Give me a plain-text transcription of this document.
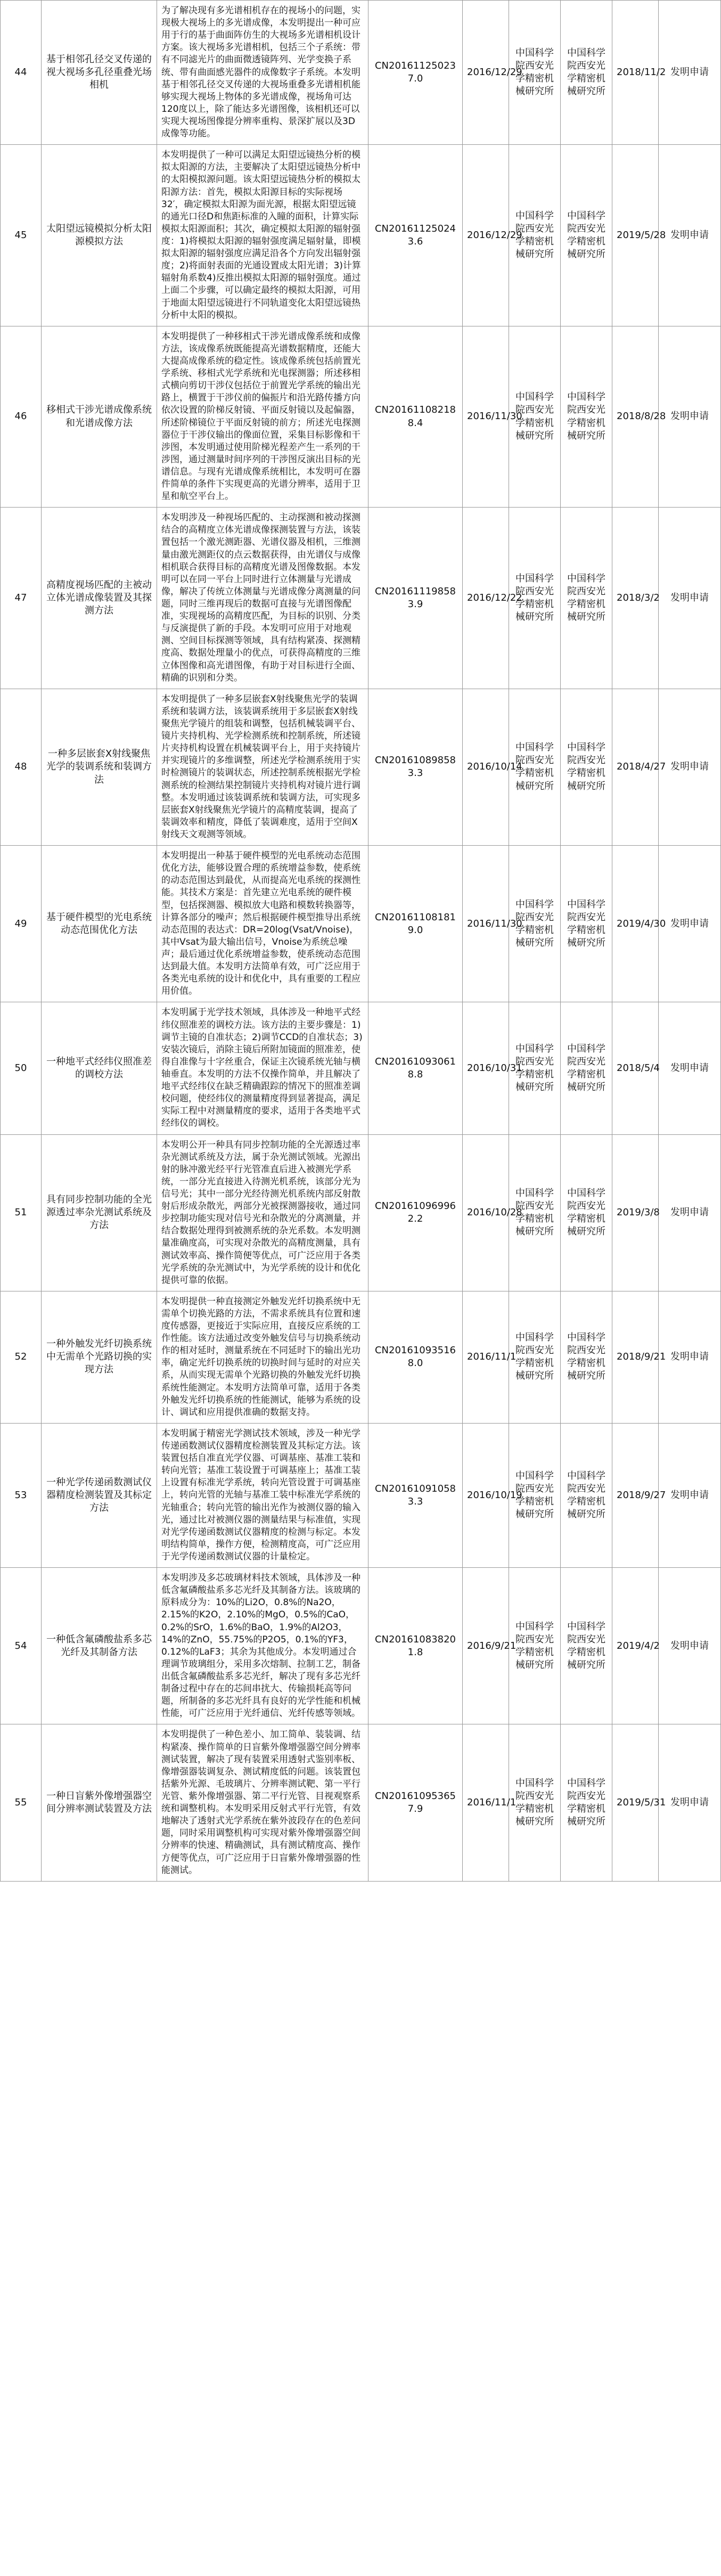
44	基于相邻孔径交叉传递的视大视场多孔径重叠光场相机	为了解决现有多光谱相机存在的视场小的问题，实现极大视场上的多光谱成像，本发明提出一种可应用于行的基于曲面阵仿生的大视场多光谱相机设计方案。该大视场多光谱相机，包括三个子系统：带有不同滤光片的曲面微透镜阵列、光学变换子系统、带有曲面感光器件的成像数字子系统。本发明基于相邻孔径交叉传递的大视场重叠多光谱相机能够实现大视场上物体的多光谱成像，视场角可达120度以上，除了能达多光谱图像，该相机还可以实现大视场图像提分辨率重构、景深扩展以及3D成像等功能。	CN201611250237.0	2016/12/29	中国科学院西安光学精密机械研究所	中国科学院西安光学精密机械研究所	2018/11/2	发明申请
45	太阳望远镜模拟分析太阳源模拟方法	本发明提供了一种可以满足太阳望远镜热分析的模拟太阳源的方法，主要解决了太阳望远镜热分析中的太阳模拟源问题。该太阳望远镜热分析的模拟太阳源方法：首先，模拟太阳源目标的实际视场32′，确定模拟太阳源为面光源，根据太阳望远镜的通光口径D和焦距标准的入瞳的面积，计算实际模拟太阳源面积；其次，确定模拟太阳源的辐射强度：1)将模拟太阳源的辐射强度满足辐射量，即模拟太阳源的辐射强度应满足沿各个方向发出辐射强度；2)将面射表面的光通设置成太阳光谱；3)计算辐射角系数4)反推出模拟太阳源的辐射强度。通过上面二个步骤，可以确定最终的模拟太阳源，可用于地面太阳望远镜进行不同轨道变化太阳望远镜热分析中太阳的模拟。	CN201611250243.6	2016/12/29	中国科学院西安光学精密机械研究所	中国科学院西安光学精密机械研究所	2019/5/28	发明申请
46	移相式干涉光谱成像系统和光谱成像方法	本发明提供了一种移相式干涉光谱成像系统和成像方法，该成像系统既能提高光谱数据精度，还能大大提高成像系统的稳定性。该成像系统包括前置光学系统、移相式光学系统和光电探测器；所述移相式横向剪切干涉仪包括位于前置光学系统的输出光路上，横置于干涉仪前的偏振片和沿光路传播方向依次设置的阶梯反射镜、平面反射镜以及起偏器，所述阶梯镜位于平面反射镜的前方；所述光电探测器位于干涉仪输出的像面位置，采集目标影像和干涉图，本发明通过使用阶梯光程差产生一系列的干涉图，通过测量时间序列的干涉图反演出目标的光谱信息。与现有光谱成像系统相比，本发明可在器件简单的条件下实现更高的光谱分辨率，适用于卫星和航空平台上。	CN201611082188.4	2016/11/30	中国科学院西安光学精密机械研究所	中国科学院西安光学精密机械研究所	2018/8/28	发明申请
47	高精度视场匹配的主被动立体光谱成像装置及其探测方法	本发明涉及一种视场匹配的、主动探测和被动探测结合的高精度立体光谱成像探测装置与方法，该装置包括一个激光测距器、光谱仪器及相机，三维测量由激光测距仪的点云数据获得，由光谱仪与成像相机联合获得目标的高精度光谱及图像数据。本发明可以在同一平台上同时进行立体测量与光谱成像，解决了传统立体测量与光谱成像分离测量的问题，同时三维再现后的数据可直接与光谱图像配准，实现视场的高精度匹配，为目标的识别、分类与反演提供了新的手段。本发明可应用于对地观测、空间目标探测等领域，具有结构紧凑、探测精度高、数据处理量小的优点，可获得高精度的三维立体图像和高光谱图像，有助于对目标进行全面、精确的识别和分类。	CN201611198583.9	2016/12/22	中国科学院西安光学精密机械研究所	中国科学院西安光学精密机械研究所	2018/3/2	发明申请
48	一种多层嵌套X射线聚焦光学的装调系统和装调方法	本发明提供了一种多层嵌套X射线聚焦光学的装调系统和装调方法，该装调系统用于多层嵌套X射线聚焦光学镜片的组装和调整，包括机械装调平台、镜片夹持机构、光学检测系统和控制系统，所述镜片夹持机构设置在机械装调平台上，用于夹持镜片并实现镜片的多维调整，所述光学检测系统用于实时检测镜片的装调状态，所述控制系统根据光学检测系统的检测结果控制镜片夹持机构对镜片进行调整。本发明通过该装调系统和装调方法，可实现多层嵌套X射线聚焦光学镜片的高精度装调，提高了装调效率和精度，降低了装调难度，适用于空间X射线天文观测等领域。	CN201610898583.3	2016/10/14	中国科学院西安光学精密机械研究所	中国科学院西安光学精密机械研究所	2018/4/27	发明申请
49	基于硬件模型的光电系统动态范围优化方法	本发明提出一种基于硬件模型的光电系统动态范围优化方法，能够设置合理的系统增益参数，使系统的动态范围达到最优，从而提高光电系统的探测性能。其技术方案是：首先建立光电系统的硬件模型，包括探测器、模拟放大电路和模数转换器等，计算各部分的噪声；然后根据硬件模型推导出系统动态范围的表达式：DR=20log(Vsat/Vnoise)，其中Vsat为最大输出信号，Vnoise为系统总噪声；最后通过优化系统增益参数，使系统动态范围达到最大值。本发明方法简单有效，可广泛应用于各类光电系统的设计和优化中，具有重要的工程应用价值。	CN201611081819.0	2016/11/30	中国科学院西安光学精密机械研究所	中国科学院西安光学精密机械研究所	2019/4/30	发明申请
50	一种地平式经纬仪照准差的调校方法	本发明属于光学技术领域，具体涉及一种地平式经纬仪照准差的调校方法。该方法的主要步骤是：1)调节主镜的自准状态；2)调节CCD的自准状态；3)安装次镜后，消除主镜后所附加镜面的照准差，使得自准像与十字丝重合，保证主次镜系统光轴与横轴垂直。本发明的方法不仅操作简单，并且解决了地平式经纬仪在缺乏精确跟踪的情况下的照准差调校问题，使经纬仪的测量精度得到显著提高，满足实际工程中对测量精度的要求，适用于各类地平式经纬仪的调校。	CN201610930618.8	2016/10/31	中国科学院西安光学精密机械研究所	中国科学院西安光学精密机械研究所	2018/5/4	发明申请
51	具有同步控制功能的全光源透过率杂光测试系统及方法	本发明公开一种具有同步控制功能的全光源透过率杂光测试系统及方法，属于杂光测试领域。光源出射的脉冲激光经平行光管准直后进入被测光学系统，一部分光直接进入待测光机系统，该部分光为信号光；其中一部分光经待测光机系统内部反射散射后形成杂散光，两部分光被探测器接收，通过同步控制功能实现对信号光和杂散光的分离测量，并结合数据处理得到被测系统的杂光系数。本发明测量准确度高，可实现对杂散光的高精度测量，具有测试效率高、操作简便等优点，可广泛应用于各类光学系统的杂光测试中，为光学系统的设计和优化提供可靠的依据。	CN201610969962.2	2016/10/28	中国科学院西安光学精密机械研究所	中国科学院西安光学精密机械研究所	2019/3/8	发明申请
52	一种外触发光纤切换系统中无需单个光路切换的实现方法	本发明提供一种直接测定外触发光纤切换系统中无需单个切换光路的方法，不需求系统具有位置和速度传感器，更接近于实际应用，直接反应系统的工作性能。该方法通过改变外触发信号与切换系统动作的相对延时，测量系统在不同延时下的输出光功率，确定光纤切换系统的切换时间与延时的对应关系，从而实现无需单个光路切换的外触发光纤切换系统性能测定。本发明方法简单可靠，适用于各类外触发光纤切换系统的性能测试，能够为系统的设计、调试和应用提供准确的数据支持。	CN201610935168.0	2016/11/1	中国科学院西安光学精密机械研究所	中国科学院西安光学精密机械研究所	2018/9/21	发明申请
53	一种光学传递函数测试仪器精度检测装置及其标定方法	本发明属于精密光学测试技术领域，涉及一种光学传递函数测试仪器精度检测装置及其标定方法。该装置包括自准直光学仪器、可调基座、基准工装和转向光管；基准工装设置于可调基座上；基准工装上设置有标准光学系统，转向光管设置于可调基座上，转向光管的光轴与基准工装中标准光学系统的光轴重合；转向光管的输出光作为被测仪器的输入光，通过比对被测仪器的测量结果与标准值，实现对光学传递函数测试仪器精度的检测与标定。本发明结构简单，操作方便，检测精度高，可广泛应用于光学传递函数测试仪器的计量检定。	CN201610910583.3	2016/10/19	中国科学院西安光学精密机械研究所	中国科学院西安光学精密机械研究所	2018/9/27	发明申请
54	一种低含氟磷酸盐系多芯光纤及其制备方法	本发明涉及多芯玻璃材料技术领域，具体涉及一种低含氟磷酸盐系多芯光纤及其制备方法。该玻璃的原料成分为：10%的Li2O，0.8%的Na2O，2.15%的K2O，2.10%的MgO，0.5%的CaO，0.2%的SrO，1.6%的BaO，1.9%的Al2O3，14%的ZnO，55.75%的P2O5，0.1%的YF3，0.12%的LaF3；其余为其他成分。本发明通过合理调节玻璃组分，采用多次熔制、拉制工艺，制备出低含氟磷酸盐系多芯光纤，解决了现有多芯光纤制备过程中存在的芯间串扰大、传输损耗高等问题，所制备的多芯光纤具有良好的光学性能和机械性能，可广泛应用于光纤通信、光纤传感等领域。	CN201610838201.8	2016/9/21	中国科学院西安光学精密机械研究所	中国科学院西安光学精密机械研究所	2019/4/2	发明申请
55	一种日盲紫外像增强器空间分辨率测试装置及方法	本发明提供了一种色差小、加工简单、装装调、结构紧凑、操作简单的日盲紫外像增强器空间分辨率测试装置，解决了现有装置采用透射式鉴别率板、像增强器装调复杂、测试精度低的问题。该装置包括紫外光源、毛玻璃片、分辨率测试靶、第一平行光管、紫外像增强器、第二平行光管、目视观察系统和调整机构。本发明采用反射式平行光管，有效地解决了透射式光学系统在紫外波段存在的色差问题，同时采用调整机构可实现对紫外像增强器空间分辨率的快速、精确测试，具有测试精度高、操作方便等优点，可广泛应用于日盲紫外像增强器的性能测试。	CN201610953657.9	2016/11/1	中国科学院西安光学精密机械研究所	中国科学院西安光学精密机械研究所	2019/5/31	发明申请
